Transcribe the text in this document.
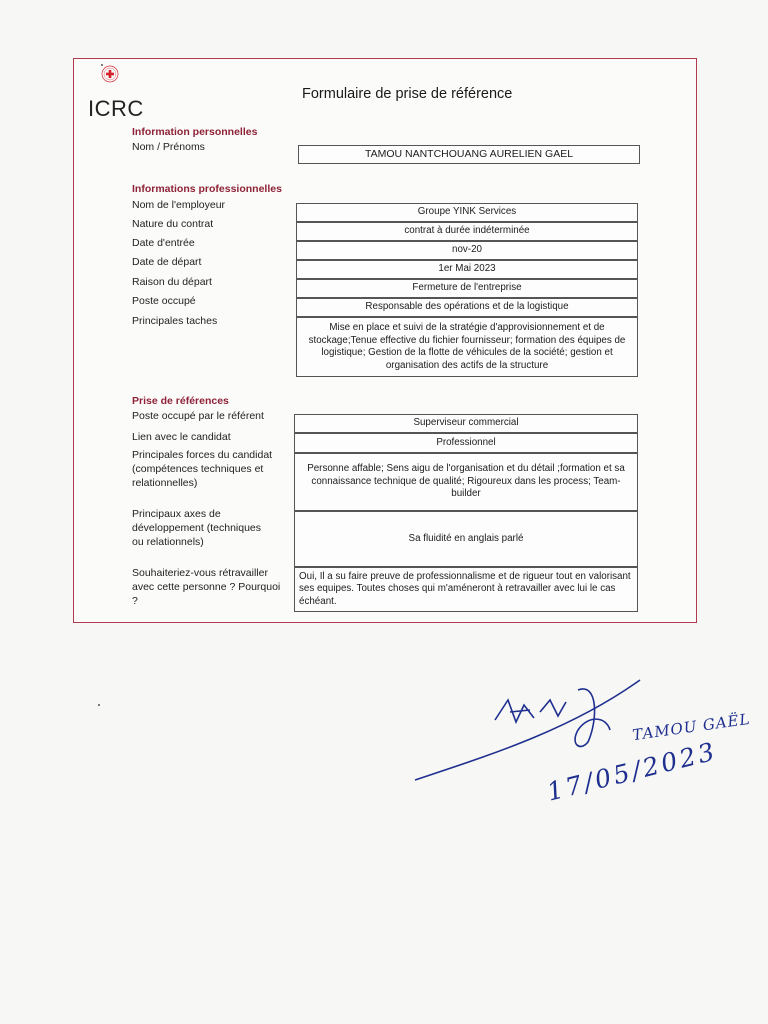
ICRC
Formulaire de prise de référence
Information personnelles
Nom / Prénoms
TAMOU NANTCHOUANG AURELIEN GAEL
Informations professionnelles
Nom de l'employeur
Nature du contrat
Date d'entrée
Date de départ
Raison du départ
Poste occupé
Principales taches
Groupe YINK Services
contrat à durée indéterminée
nov-20
1er Mai 2023
Fermeture de l'entreprise
Responsable des opérations et de la logistique
Mise en place et suivi de la stratégie d'approvisionnement et de stockage;Tenue effective du fichier fournisseur; formation des équipes de logistique; Gestion de la flotte de véhicules de la société; gestion et organisation des actifs de la structure
Prise de références
Poste occupé par le référent
Lien avec le candidat
Principales forces du candidat (compétences techniques et relationnelles)
Principaux axes de développement (techniques ou relationnels)
Souhaiteriez-vous rétravailler avec cette personne ? Pourquoi ?
Superviseur commercial
Professionnel
Personne affable; Sens aigu de l'organisation et du détail ;formation et sa connaissance technique de qualité; Rigoureux dans les process; Team-builder
Sa fluidité en anglais parlé
Oui, Il a su faire preuve de professionnalisme et de rigueur tout en valorisant ses equipes. Toutes choses qui m'améneront à retravailler avec lui le cas échéant.
TAMOU GAËL
17/05/2023
